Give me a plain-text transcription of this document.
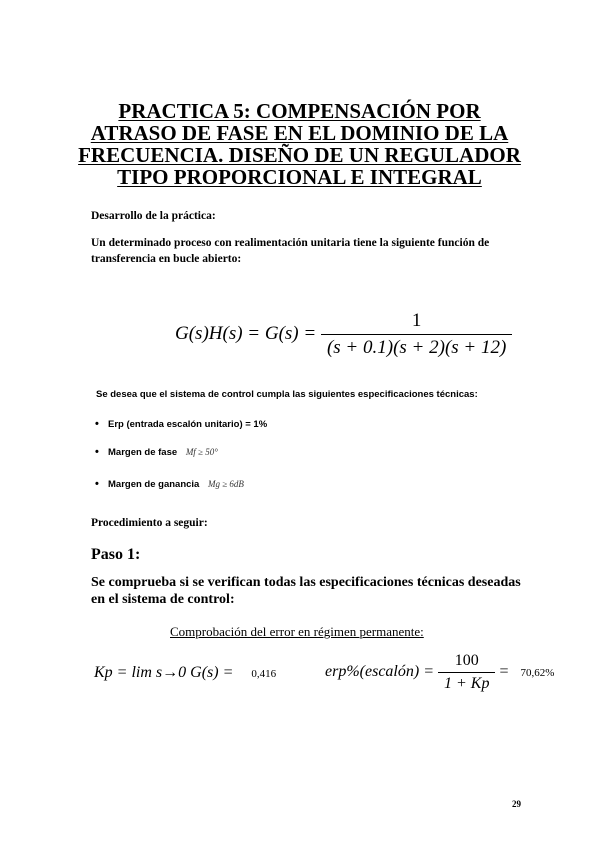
PRACTICA 5: COMPENSACIÓN POR
ATRASO DE FASE EN EL DOMINIO DE LA
FRECUENCIA. DISEÑO DE UN REGULADOR
TIPO PROPORCIONAL E INTEGRAL
Desarrollo de la práctica:
Un determinado proceso con realimentación unitaria tiene la siguiente función de transferencia en bucle abierto:
$G(s)H(s) = G(s) = \frac{1}{(s + 0.1)(s + 2)(s + 12)}$
Se desea que el sistema de control cumpla las siguientes especificaciones técnicas:
• Erp (entrada escalón unitario) = 1%
• Margen de fase Mf ≥ 50°
• Margen de ganancia Mg ≥ 6dB
Procedimiento a seguir:
Paso 1:
Se comprueba si se verifican todas las especificaciones técnicas deseadas en el sistema de control:
Comprobación del error en régimen permanente:
Kp = lim s→0 G(s) = 0,416	erp%(escalón) = $\frac{100}{1 + Kp} = 70,62\%$
29
